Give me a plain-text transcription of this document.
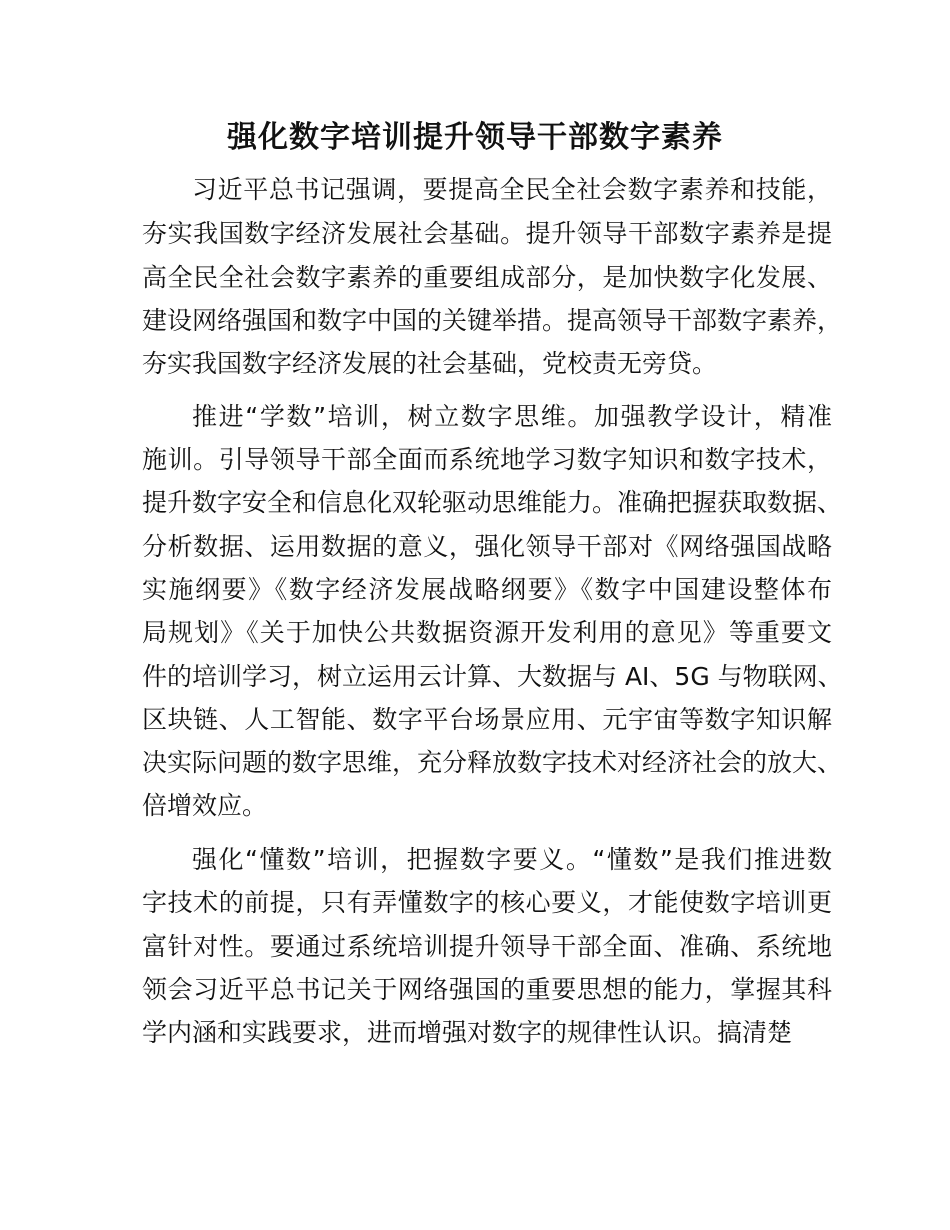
强化数字培训提升领导干部数字素养
习近平总书记强调，要提高全民全社会数字素养和技能，
夯实我国数字经济发展社会基础。提升领导干部数字素养是提
高全民全社会数字素养的重要组成部分，是加快数字化发展、
建设网络强国和数字中国的关键举措。提高领导干部数字素养，
夯实我国数字经济发展的社会基础，党校责无旁贷。
推进“学数”培训，树立数字思维。加强教学设计，精准
施训。引导领导干部全面而系统地学习数字知识和数字技术，
提升数字安全和信息化双轮驱动思维能力。准确把握获取数据、
分析数据、运用数据的意义，强化领导干部对《网络强国战略
实施纲要》《数字经济发展战略纲要》《数字中国建设整体布
局规划》《关于加快公共数据资源开发利用的意见》等重要文
件的培训学习，树立运用云计算、大数据与 AI、5G 与物联网、
区块链、人工智能、数字平台场景应用、元宇宙等数字知识解
决实际问题的数字思维，充分释放数字技术对经济社会的放大、
倍增效应。
强化“懂数”培训，把握数字要义。“懂数”是我们推进数
字技术的前提，只有弄懂数字的核心要义，才能使数字培训更
富针对性。要通过系统培训提升领导干部全面、准确、系统地
领会习近平总书记关于网络强国的重要思想的能力，掌握其科
学内涵和实践要求，进而增强对数字的规律性认识。搞清楚
